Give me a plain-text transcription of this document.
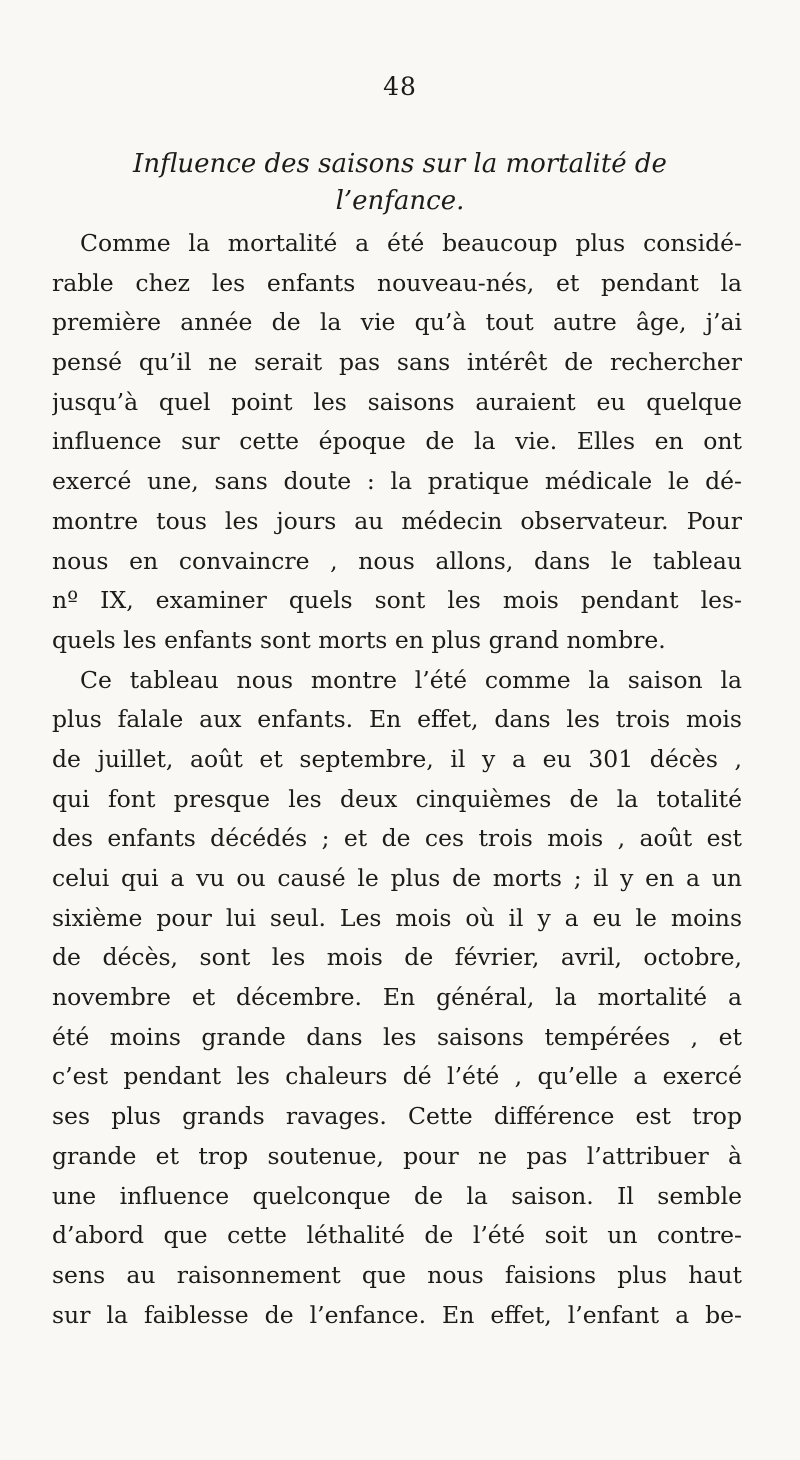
48
Influence des saisons sur la mortalité de
l’enfance.
Comme la mortalité a été beaucoup plus considé-
rable chez les enfants nouveau-nés, et pendant la
première année de la vie qu’à tout autre âge, j’ai
pensé qu’il ne serait pas sans intérêt de rechercher
jusqu’à quel point les saisons auraient eu quelque
influence sur cette époque de la vie. Elles en ont
exercé une, sans doute : la pratique médicale le dé-
montre tous les jours au médecin observateur. Pour
nous en convaincre , nous allons, dans le tableau
nº IX, examiner quels sont les mois pendant les-
quels les enfants sont morts en plus grand nombre.
Ce tableau nous montre l’été comme la saison la
plus falale aux enfants. En effet, dans les trois mois
de juillet, août et septembre, il y a eu 301 décès ,
qui font presque les deux cinquièmes de la totalité
des enfants décédés ; et de ces trois mois , août est
celui qui a vu ou causé le plus de morts ; il y en a un
sixième pour lui seul. Les mois où il y a eu le moins
de décès, sont les mois de février, avril, octobre,
novembre et décembre. En général, la mortalité a
été moins grande dans les saisons tempérées , et
c’est pendant les chaleurs dé l’été , qu’elle a exercé
ses plus grands ravages. Cette différence est trop
grande et trop soutenue, pour ne pas l’attribuer à
une influence quelconque de la saison. Il semble
d’abord que cette léthalité de l’été soit un contre-
sens au raisonnement que nous faisions plus haut
sur la faiblesse de l’enfance. En effet, l’enfant a be-
